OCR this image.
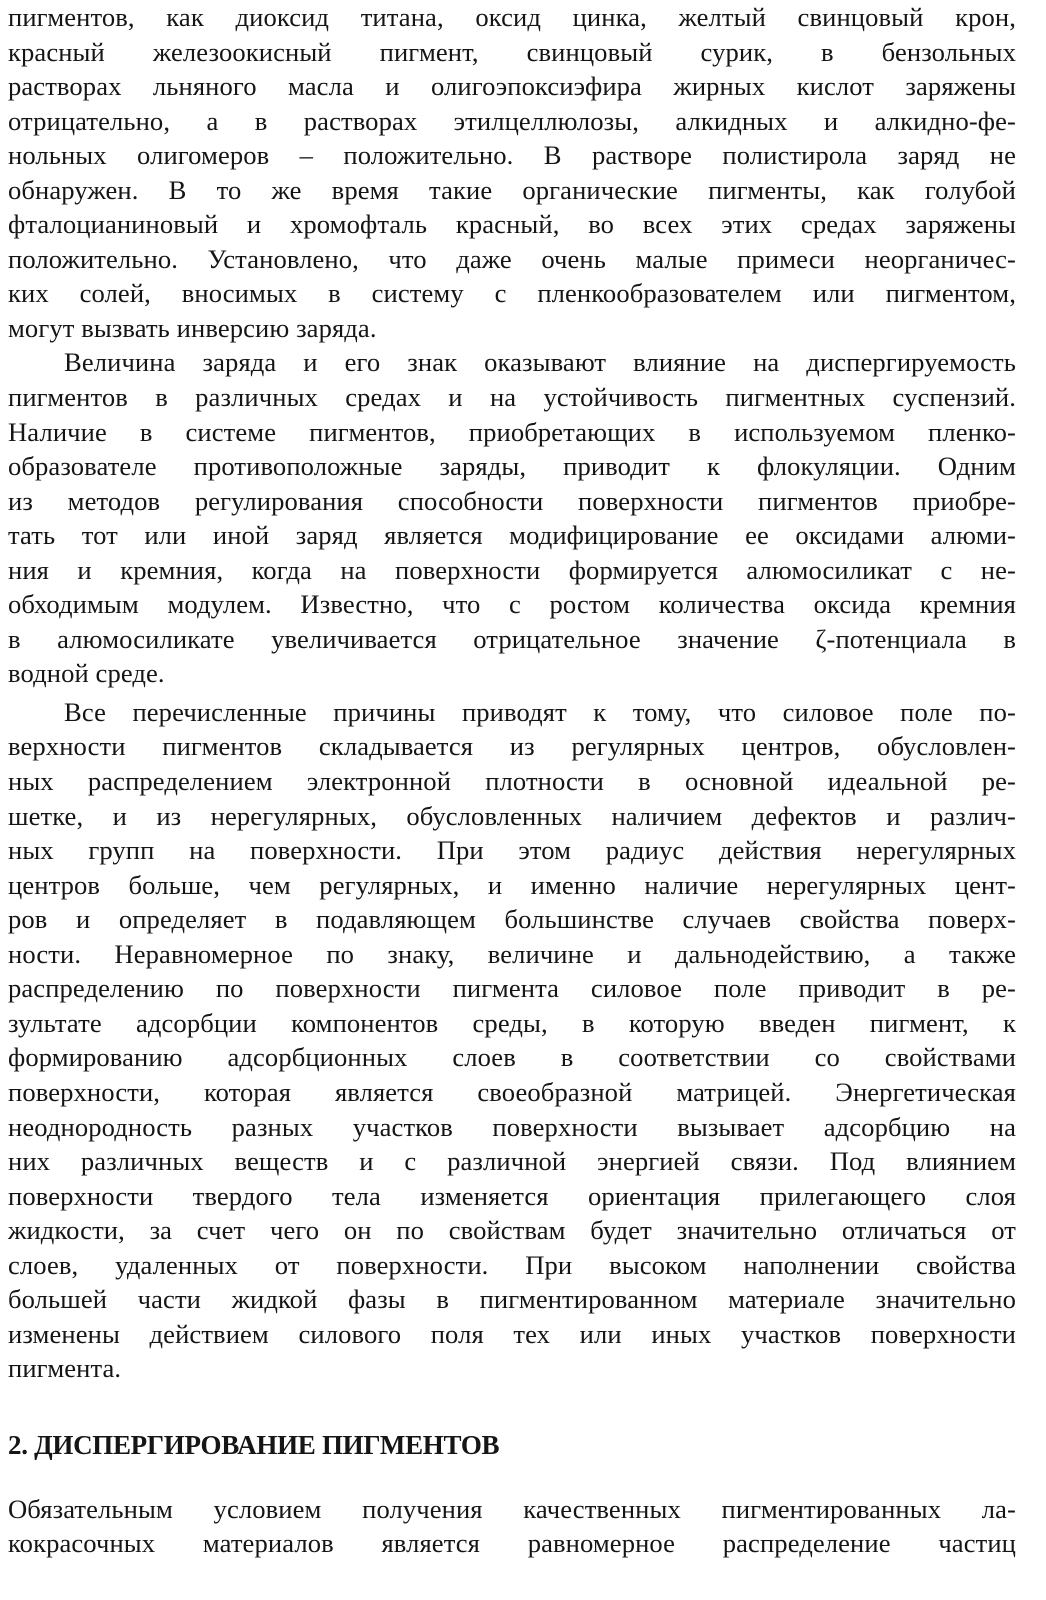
пигментов, как диоксид титана, оксид цинка, желтый свинцовый крон,
красный железоокисный пигмент, свинцовый сурик, в бензольных
растворах льняного масла и олигоэпоксиэфира жирных кислот заряжены
отрицательно, а в растворах этилцеллюлозы, алкидных и алкидно-фе-
нольных олигомеров – положительно. В растворе полистирола заряд не
обнаружен. В то же время такие органические пигменты, как голубой
фталоцианиновый и хромофталь красный, во всех этих средах заряжены
положительно. Установлено, что даже очень малые примеси неорганичес-
ких солей, вносимых в систему с пленкообразователем или пигментом,
могут вызвать инверсию заряда.
Величина заряда и его знак оказывают влияние на диспергируемость
пигментов в различных средах и на устойчивость пигментных суспензий.
Наличие в системе пигментов, приобретающих в используемом пленко-
образователе противоположные заряды, приводит к флокуляции. Одним
из методов регулирования способности поверхности пигментов приобре-
тать тот или иной заряд является модифицирование ее оксидами алюми-
ния и кремния, когда на поверхности формируется алюмосиликат с не-
обходимым модулем. Известно, что с ростом количества оксида кремния
в алюмосиликате увеличивается отрицательное значение ζ-потенциала в
водной среде.
Все перечисленные причины приводят к тому, что силовое поле по-
верхности пигментов складывается из регулярных центров, обусловлен-
ных распределением электронной плотности в основной идеальной ре-
шетке, и из нерегулярных, обусловленных наличием дефектов и различ-
ных групп на поверхности. При этом радиус действия нерегулярных
центров больше, чем регулярных, и именно наличие нерегулярных цент-
ров и определяет в подавляющем большинстве случаев свойства поверх-
ности. Неравномерное по знаку, величине и дальнодействию, а также
распределению по поверхности пигмента силовое поле приводит в ре-
зультате адсорбции компонентов среды, в которую введен пигмент, к
формированию адсорбционных слоев в соответствии со свойствами
поверхности, которая является своеобразной матрицей. Энергетическая
неоднородность разных участков поверхности вызывает адсорбцию на
них различных веществ и с различной энергией связи. Под влиянием
поверхности твердого тела изменяется ориентация прилегающего слоя
жидкости, за счет чего он по свойствам будет значительно отличаться от
слоев, удаленных от поверхности. При высоком наполнении свойства
большей части жидкой фазы в пигментированном материале значительно
изменены действием силового поля тех или иных участков поверхности
пигмента.
2. ДИСПЕРГИРОВАНИЕ ПИГМЕНТОВ
Обязательным условием получения качественных пигментированных ла-
кокрасочных материалов является равномерное распределение частиц
